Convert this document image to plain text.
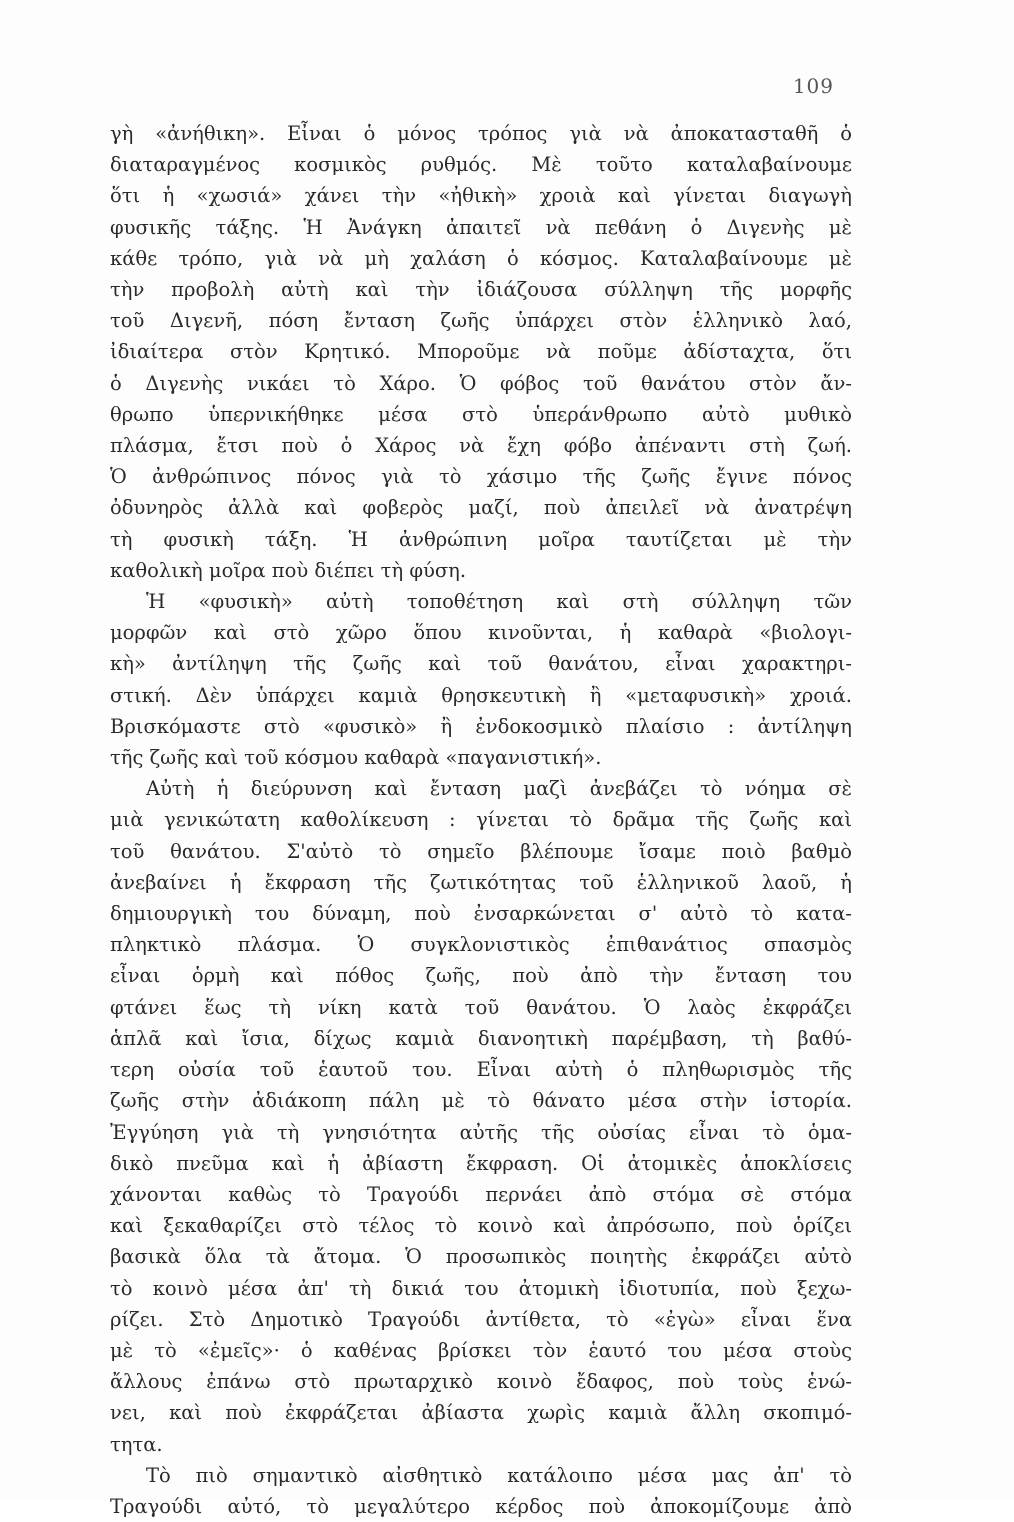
109
γὴ «ἀνήθικη». Εἶναι ὁ μόνος τρόπος γιὰ νὰ ἀποκατασταθῆ ὁ
διαταραγμένος κοσμικὸς ρυθμός. Μὲ τοῦτο καταλαβαίνουμε
ὅτι ἡ «χωσιά» χάνει τὴν «ἠθικὴ» χροιὰ καὶ γίνεται διαγωγὴ
φυσικῆς τάξης. Ἡ Ἀνάγκη ἀπαιτεῖ νὰ πεθάνη ὁ Διγενὴς μὲ
κάθε τρόπο, γιὰ νὰ μὴ χαλάση ὁ κόσμος. Καταλαβαίνουμε μὲ
τὴν προβολὴ αὐτὴ καὶ τὴν ἰδιάζουσα σύλληψη τῆς μορφῆς
τοῦ Διγενῆ, πόση ἔνταση ζωῆς ὑπάρχει στὸν ἑλληνικὸ λαό,
ἰδιαίτερα στὸν Κρητικό. Μποροῦμε νὰ ποῦμε ἀδίσταχτα, ὅτι
ὁ Διγενὴς νικάει τὸ Χάρο. Ὁ φόβος τοῦ θανάτου στὸν ἄν-
θρωπο ὑπερνικήθηκε μέσα στὸ ὑπεράνθρωπο αὐτὸ μυθικὸ
πλάσμα, ἔτσι ποὺ ὁ Χάρος νὰ ἔχη φόβο ἀπέναντι στὴ ζωή.
Ὁ ἀνθρώπινος πόνος γιὰ τὸ χάσιμο τῆς ζωῆς ἔγινε πόνος
ὀδυνηρὸς ἀλλὰ καὶ φοβερὸς μαζί, ποὺ ἀπειλεῖ νὰ ἀνατρέψη
τὴ φυσικὴ τάξη. Ἡ ἀνθρώπινη μοῖρα ταυτίζεται μὲ τὴν
καθολικὴ μοῖρα ποὺ διέπει τὴ φύση.
Ἡ «φυσικὴ» αὐτὴ τοποθέτηση καὶ στὴ σύλληψη τῶν
μορφῶν καὶ στὸ χῶρο ὅπου κινοῦνται, ἡ καθαρὰ «βιολογι-
κὴ» ἀντίληψη τῆς ζωῆς καὶ τοῦ θανάτου, εἶναι χαρακτηρι-
στική. Δὲν ὑπάρχει καμιὰ θρησκευτικὴ ἢ «μεταφυσικὴ» χροιά.
Βρισκόμαστε στὸ «φυσικὸ» ἢ ἐνδοκοσμικὸ πλαίσιο : ἀντίληψη
τῆς ζωῆς καὶ τοῦ κόσμου καθαρὰ «παγανιστική».
Αὐτὴ ἡ διεύρυνση καὶ ἔνταση μαζὶ ἀνεβάζει τὸ νόημα σὲ
μιὰ γενικώτατη καθολίκευση : γίνεται τὸ δρᾶμα τῆς ζωῆς καὶ
τοῦ θανάτου. Σ'αὐτὸ τὸ σημεῖο βλέπουμε ἴσαμε ποιὸ βαθμὸ
ἀνεβαίνει ἡ ἔκφραση τῆς ζωτικότητας τοῦ ἑλληνικοῦ λαοῦ, ἡ
δημιουργικὴ του δύναμη, ποὺ ἐνσαρκώνεται σ' αὐτὸ τὸ κατα-
πληκτικὸ πλάσμα. Ὁ συγκλονιστικὸς ἐπιθανάτιος σπασμὸς
εἶναι ὁρμὴ καὶ πόθος ζωῆς, ποὺ ἀπὸ τὴν ἔνταση του
φτάνει ἕως τὴ νίκη κατὰ τοῦ θανάτου. Ὁ λαὸς ἐκφράζει
ἁπλᾶ καὶ ἴσια, δίχως καμιὰ διανοητικὴ παρέμβαση, τὴ βαθύ-
τερη οὐσία τοῦ ἑαυτοῦ του. Εἶναι αὐτὴ ὁ πληθωρισμὸς τῆς
ζωῆς στὴν ἀδιάκοπη πάλη μὲ τὸ θάνατο μέσα στὴν ἱστορία.
Ἐγγύηση γιὰ τὴ γνησιότητα αὐτῆς τῆς οὐσίας εἶναι τὸ ὁμα-
δικὸ πνεῦμα καὶ ἡ ἀβίαστη ἔκφραση. Οἱ ἀτομικὲς ἀποκλίσεις
χάνονται καθὼς τὸ Τραγούδι περνάει ἀπὸ στόμα σὲ στόμα
καὶ ξεκαθαρίζει στὸ τέλος τὸ κοινὸ καὶ ἀπρόσωπο, ποὺ ὁρίζει
βασικὰ ὅλα τὰ ἄτομα. Ὁ προσωπικὸς ποιητὴς ἐκφράζει αὐτὸ
τὸ κοινὸ μέσα ἀπ' τὴ δικιά του ἀτομικὴ ἰδιοτυπία, ποὺ ξεχω-
ρίζει. Στὸ Δημοτικὸ Τραγούδι ἀντίθετα, τὸ «ἐγὼ» εἶναι ἕνα
μὲ τὸ «ἐμεῖς»· ὁ καθένας βρίσκει τὸν ἑαυτό του μέσα στοὺς
ἄλλους ἐπάνω στὸ πρωταρχικὸ κοινὸ ἔδαφος, ποὺ τοὺς ἑνώ-
νει, καὶ ποὺ ἐκφράζεται ἀβίαστα χωρὶς καμιὰ ἄλλη σκοπιμό-
τητα.
Τὸ πιὸ σημαντικὸ αἰσθητικὸ κατάλοιπο μέσα μας ἀπ' τὸ
Τραγούδι αὐτό, τὸ μεγαλύτερο κέρδος ποὺ ἀποκομίζουμε ἀπὸ
